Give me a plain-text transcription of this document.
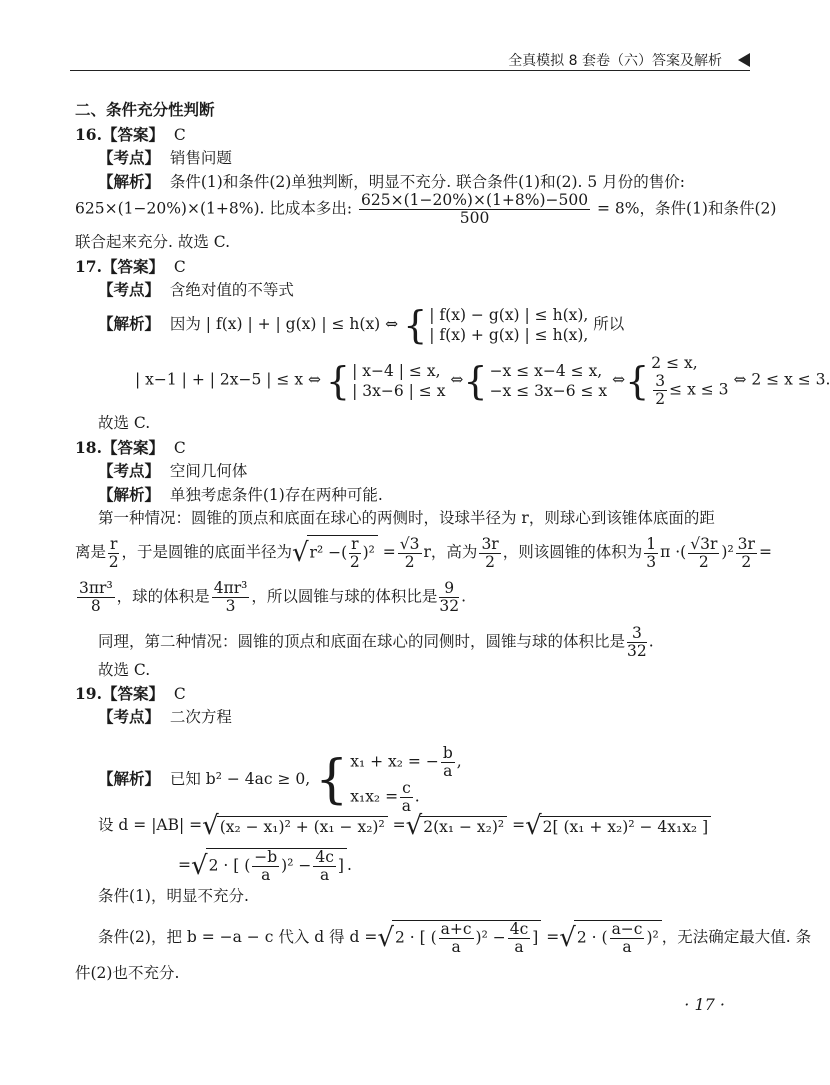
全真模拟 8 套卷（六）答案及解析
二、条件充分性判断
16.【答案】 C
【考点】 销售问题
【解析】 条件(1)和条件(2)单独判断，明显不充分. 联合条件(1)和(2). 5 月份的售价:
625×(1−20%)×(1+8%). 比成本多出: $\frac{625\times(1-20\%)\times(1+8\%)-500}{500} = 8\%$，条件(1)和条件(2)
联合起来充分. 故选 C.
17.【答案】 C
【考点】 含绝对值的不等式
【解析】 因为 | f(x) | + | g(x) | ≤ h(x) ⇔ { | f(x) − g(x) | ≤ h(x),
| f(x) + g(x) | ≤ h(x), 所以
| x−1 | + | 2x−5 | ≤ x ⇔ { | x−4 | ≤ x,
| 3x−6 | ≤ x ⇔{ −x ≤ x−4 ≤ x,
−x ≤ 3x−6 ≤ x ⇔{ 2 ≤ x,

$\frac{3}{2} \le x \le 3$ ⇔ 2 ≤ x ≤ 3.
故选 C.
18.【答案】 C
【考点】 空间几何体
【解析】 单独考虑条件(1)存在两种可能.
第一种情况：圆锥的顶点和底面在球心的两侧时，设球半径为 r，则球心到该锥体底面的距
离是 $\frac{r}{2}$ ，于是圆锥的底面半径为√r² −( $\frac{r}{2} )^2 = \frac{√3}{2}$ r，高为 $\frac{3r}{2}$ ，则该圆锥的体积为 $\frac{1}{3}$ π ·( $\frac{√3r}{2} )^2 \frac{3r}{2}$ =
$\frac{\text{3πr³}}{8}$ ，球的体积是 $\frac{\text{4πr³}}{3}$ ，所以圆锥与球的体积比是 $\frac{9}{32}$ .
同理，第二种情况：圆锥的顶点和底面在球心的同侧时，圆锥与球的体积比是 $\frac{3}{32}$ .
故选 C.
19.【答案】 C
【考点】 二次方程
【解析】 已知 b² − 4ac ≥ 0, { x₁ + x₂ = − $\frac{b}{a}$ ,
$x_1x_2 = \frac{c}{a}$ .
设 d = |AB| =√(x₂ − x₁)² + (x₁ − x₂)² =√2(x₁ − x₂)² =√2[ (x₁ + x₂)² − 4x₁x₂ ]
=√2 · [ ( $\frac{-b}{a} )^2 - \frac{4c}{a}$ ] .
条件(1)，明显不充分.
条件(2)，把 b = −a − c 代入 d 得 d =√2 · [ ( $\frac{a+c}{a} )^2 - \frac{4c}{a}$ ] =√2 · ( $\frac{a-c}{a} )^2$ ，无法确定最大值. 条
件(2)也不充分.
· 17 ·
